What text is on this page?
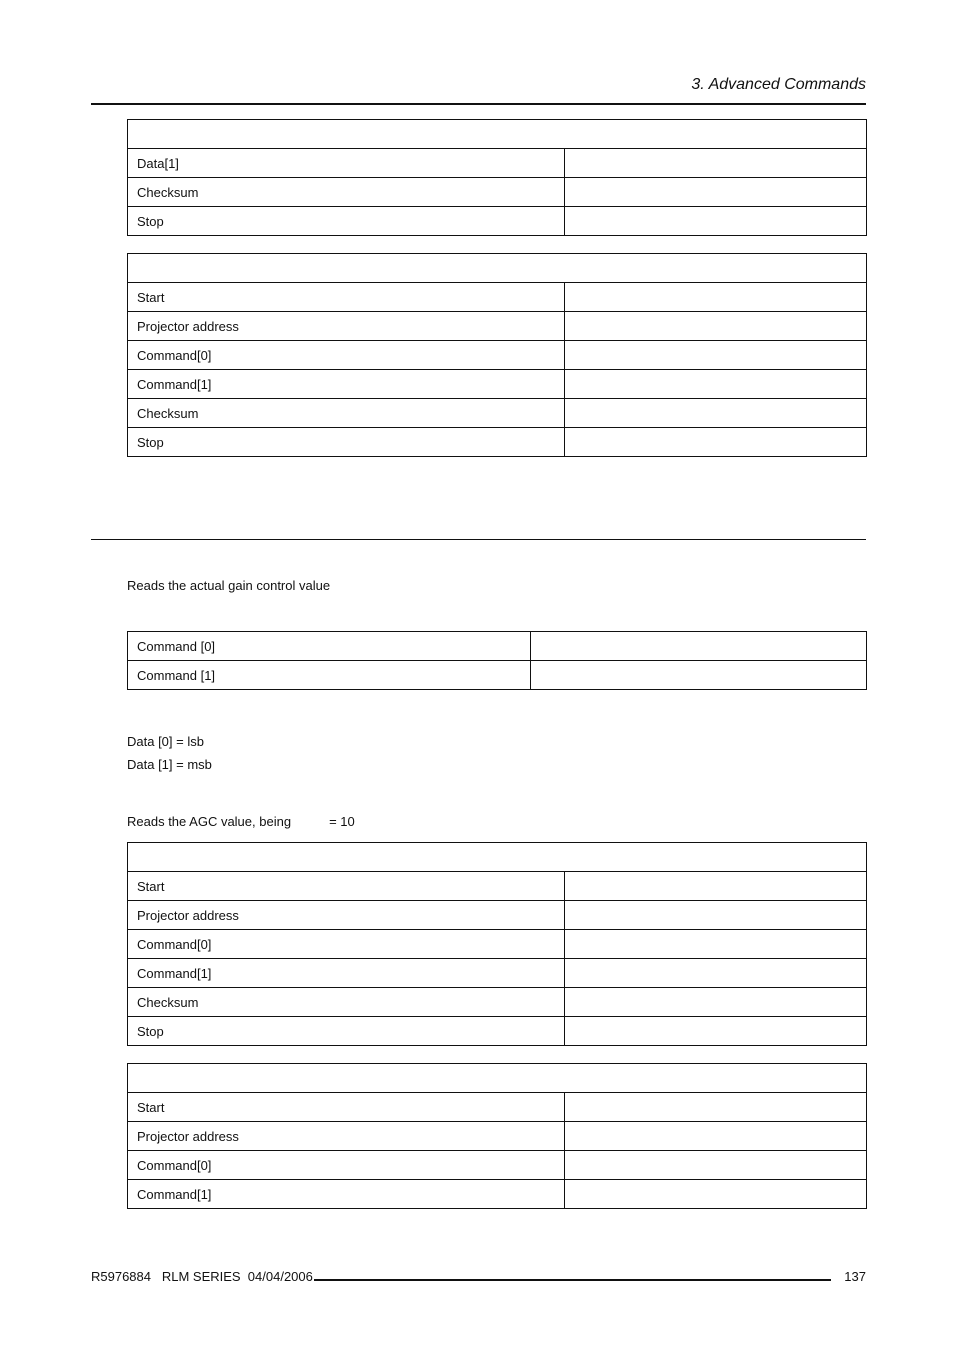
3. Advanced Commands

Data[1]	
Checksum	
Stop	

Start	
Projector address	
Command[0]	
Command[1]	
Checksum	
Stop	
Reads the actual gain control value
Command [0]	
Command [1]	
Data [0] = lsb
Data [1] = msb
Reads the AGC value, being	= 10

Start	
Projector address	
Command[0]	
Command[1]	
Checksum	
Stop	

Start	
Projector address	
Command[0]	
Command[1]	
R5976884   RLM SERIES  04/04/2006	137
